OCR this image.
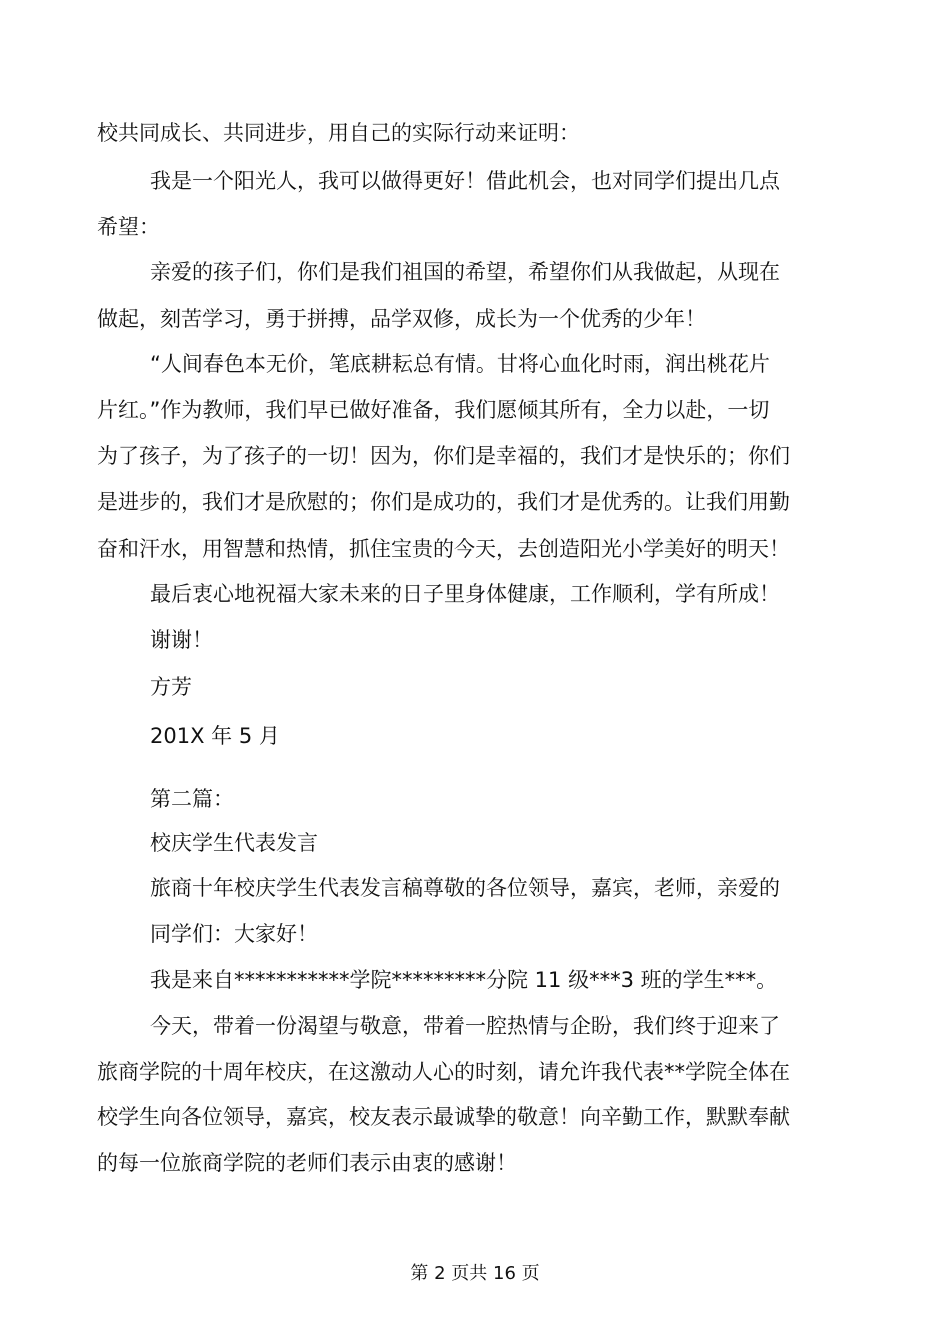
校共同成长、共同进步，用自己的实际行动来证明：
我是一个阳光人，我可以做得更好！借此机会，也对同学们提出几点
希望：
亲爱的孩子们，你们是我们祖国的希望，希望你们从我做起，从现在
做起，刻苦学习，勇于拼搏，品学双修，成长为一个优秀的少年！
“人间春色本无价，笔底耕耘总有情。甘将心血化时雨，润出桃花片
片红。”作为教师，我们早已做好准备，我们愿倾其所有，全力以赴，一切
为了孩子，为了孩子的一切！因为，你们是幸福的，我们才是快乐的；你们
是进步的，我们才是欣慰的；你们是成功的，我们才是优秀的。让我们用勤
奋和汗水，用智慧和热情，抓住宝贵的今天，去创造阳光小学美好的明天！
最后衷心地祝福大家未来的日子里身体健康，工作顺利，学有所成！
谢谢！
方芳
201X 年 5 月
第二篇：
校庆学生代表发言
旅商十年校庆学生代表发言稿尊敬的各位领导，嘉宾，老师，亲爱的
同学们：大家好！
我是来自***********学院*********分院 11 级***3 班的学生***。
今天，带着一份渴望与敬意，带着一腔热情与企盼，我们终于迎来了
旅商学院的十周年校庆，在这激动人心的时刻，请允许我代表**学院全体在
校学生向各位领导，嘉宾，校友表示最诚挚的敬意！向辛勤工作，默默奉献
的每一位旅商学院的老师们表示由衷的感谢！
第 2 页共 16 页
